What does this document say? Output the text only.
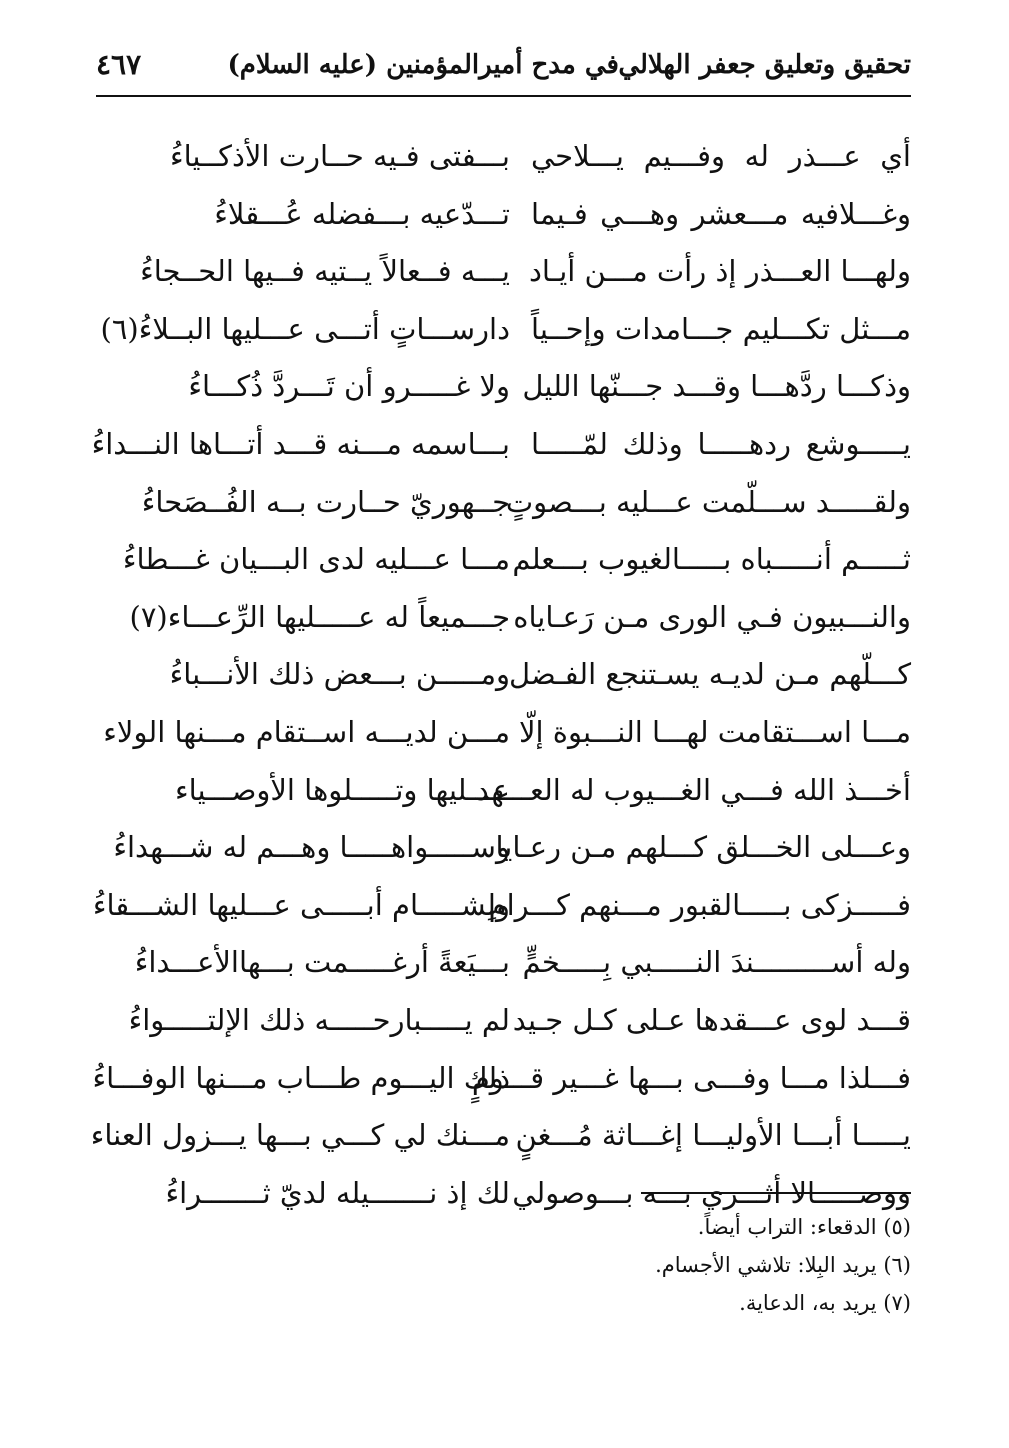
تحقيق وتعليق جعفر الهلالي
في مدح أميرالمؤمنين (عليه السلام)
٤٦٧
أي عـــذر له وفـــيم يـــلاحي
وغـــلافيه مـــعشر وهـــي فـيما
ولهـــا العـــذر إذ رأت مـــن أيـاد
مـــثل تكـــليم جـــامدات وإحــياً
وذكـــا ردَّهـــا وقـــد جـــنّها الليل
يـــــوشع ردهـــــا وذلك لمّـــــا
ولقـــــد ســـلّمت عـــليه بـــصوتٍ
ثـــــم أنـــــباه بـــــالغيوب بـــعلم
والنـــبيون فـي الورى مـن رَعـاياه
كـــلّهم مـن لديـه يسـتنجع الفـضل
مـــا اســـتقامت لهـــا النـــبوة إلّا
أخـــذ الله فـــي الغـــيوب له العـــهد
وعـــلى الخـــلق كـــلهم مـن رعـايا
فـــــزكى بـــــالقبور مـــنهم كـــرام
وله أســـــــــندَ النـــــبي بِـــــخمٍّ
قـــد لوى عـــقدها عـلى كـل جـيد
فـــلذا مـــا وفـــى بـــها غـــير قـــومٍ
يـــــا أبـــا الأوليـــا إغـــاثة مُـــغنٍ
ووصـــــالا أثـــري بـــه بـــوصولي
بـــفتى فـيه حــارت الأذكــياءُ
تـــدّعيه بـــفضله عُـــقلاءُ
يـــه فــعالاً يــتيه فــيها الحــجاءُ
دارســـاتٍ أتـــى عـــليها البــلاءُ(٦)
ولا غـــــرو أن تَـــردَّ ذُكـــاءُ
بـــاسمه مـــنه قـــد أتـــاها النـــداءُ
جــهوريّ حــارت بــه الفُــصَحاءُ
مـــا عـــليه لدى البـــيان غـــطاءُ
جـــميعاً له عـــــليها الرِّعـــاء(٧)
ومـــــن بـــعض ذلك الأنـــباءُ
مـــن لديـــه اســتقام مـــنها الولاء
عـــليها وتـــــلوها الأوصـــياء
وســـــواهـــــا وهـــم له شـــهداءُ
ولِشـــــام أبـــــى عـــليها الشـــقاءُ
بـــيَعةً أرغـــــمت بـــهاالأعـــداءُ
لم يـــــبارحـــــه ذلك الإلتـــــواءُ
ذلك اليـــوم طـــاب مـــنها الوفـــاءُ
مـــنك لي كـــي بـــها يـــزول العناء
لك إذ نـــــــيله لديّ ثـــــــراءُ
(٥) الدقعاء: التراب أيضاً.
(٦) يريد البِلا: تلاشي الأجسام.
(٧) يريد به، الدعاية.
